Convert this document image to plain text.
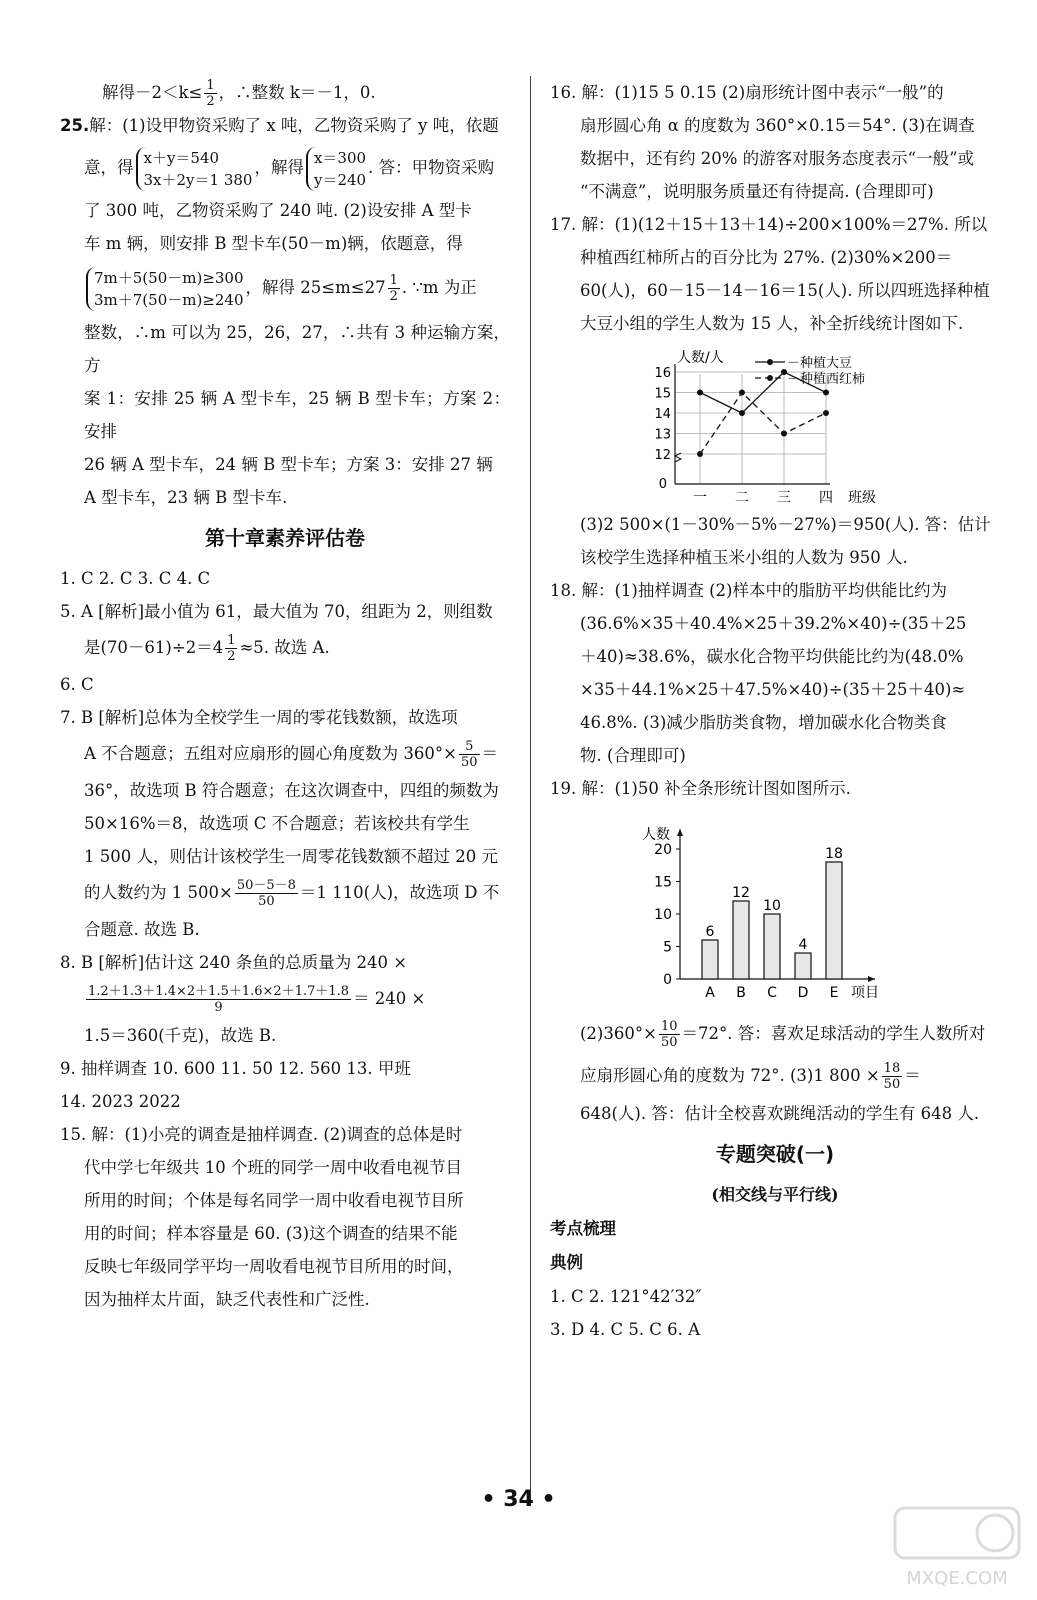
解得$-2<k\le \frac{1}{2}$ ，∴整数 k＝－1，0.

25.解：(1)设甲物资采购了 x 吨，乙物资采购了 y 吨，依题

意，得
x＋y＝540
3x＋2y＝1 380
，解得
x＝300
y＝240
. 答：甲物资采购

了 300 吨，乙物资采购了 240 吨. (2)设安排 A 型卡

车 m 辆，则安排 B 型卡车(50－m)辆，依题意，得

7m＋5(50－m)≥300
3m＋7(50－m)≥240
，解得 $25\le m\le 27 \frac{1}{2}$ . ∵m 为正

整数，∴m 可以为 25，26，27，∴共有 3 种运输方案，方

案 1：安排 25 辆 A 型卡车，25 辆 B 型卡车；方案 2：安排

26 辆 A 型卡车，24 辆 B 型卡车；方案 3：安排 27 辆

A 型卡车，23 辆 B 型卡车.

第十章素养评估卷

1. C 2. C 3. C 4. C

5. A [解析]最小值为 61，最大值为 70，组距为 2，则组数

是$(70-61)\div 2=4 \frac{1}{2} \approx 5$. 故选 A.

6. C

7. B [解析]总体为全校学生一周的零花钱数额，故选项

A 不合题意；五组对应扇形的圆心角度数为 $360^\circ\times \frac{5}{50}$ ＝

36°，故选项 B 符合题意；在这次调查中，四组的频数为

50×16%＝8，故选项 C 不合题意；若该校共有学生

1 500 人，则估计该校学生一周零花钱数额不超过 20 元

的人数约为 1 $500\times \frac{50-5-8}{50} =1$ 110(人)，故选项 D 不

合题意. 故选 B.

8. B [解析]估计这 240 条鱼的总质量为 240 ×

$\frac{1.2+1.3+1.4\times 2+1.5+1.6\times 2+1.7+1.8}{9} = 240$ ×

1.5＝360(千克)，故选 B.

9. 抽样调查 10. 600 11. 50 12. 560 13. 甲班

14. 2023 2022

15. 解：(1)小亮的调查是抽样调查. (2)调查的总体是时

代中学七年级共 10 个班的同学一周中收看电视节目

所用的时间；个体是每名同学一周中收看电视节目所

用的时间；样本容量是 60. (3)这个调查的结果不能

反映七年级同学平均一周收看电视节目所用的时间，

因为抽样太片面，缺乏代表性和广泛性.

16. 解：(1)15 5 0.15 (2)扇形统计图中表示“一般”的

扇形圆心角 α 的度数为 360°×0.15＝54°. (3)在调查

数据中，还有约 20% 的游客对服务态度表示“一般”或

“不满意”，说明服务质量还有待提高. (合理即可)

17. 解：(1)(12＋15＋13＋14)÷200×100%＝27%. 所以

种植西红柿所占的百分比为 27%. (2)30%×200＝

60(人)，60－15－14－16＝15(人). 所以四班选择种植

大豆小组的学生人数为 15 人，补全折线统计图如下.

人数/人
0
12
13
14
15
16
一 二 三 四 班级
－种植大豆
－种植西红柿

(3)2 500×(1－30%－5%－27%)＝950(人). 答：估计

该校学生选择种植玉米小组的人数为 950 人.

18. 解：(1)抽样调查 (2)样本中的脂肪平均供能比约为

(36.6%×35＋40.4%×25＋39.2%×40)÷(35＋25

＋40)≈38.6%，碳水化合物平均供能比约为(48.0%

×35＋44.1%×25＋47.5%×40)÷(35＋25＋40)≈

46.8%. (3)减少脂肪类食物，增加碳水化合物类食

物. (合理即可)

19. 解：(1)50 补全条形统计图如图所示.

人数
0
5
10
15
20
6
A
12
B
10
C
4
D
18
E 项目

$(2)360^\circ\times \frac{10}{50} =72^\circ$. 答：喜欢足球活动的学生人数所对

应扇形圆心角的度数为 72°. (3)1 $800 \times \frac{18}{50}$ ＝

648(人). 答：估计全校喜欢跳绳活动的学生有 648 人.

专题突破(一)
(相交线与平行线)
考点梳理
典例

1. C 2. 121°42′32″

3. D 4. C 5. C 6. A

• 34 •
MXQE.COM
